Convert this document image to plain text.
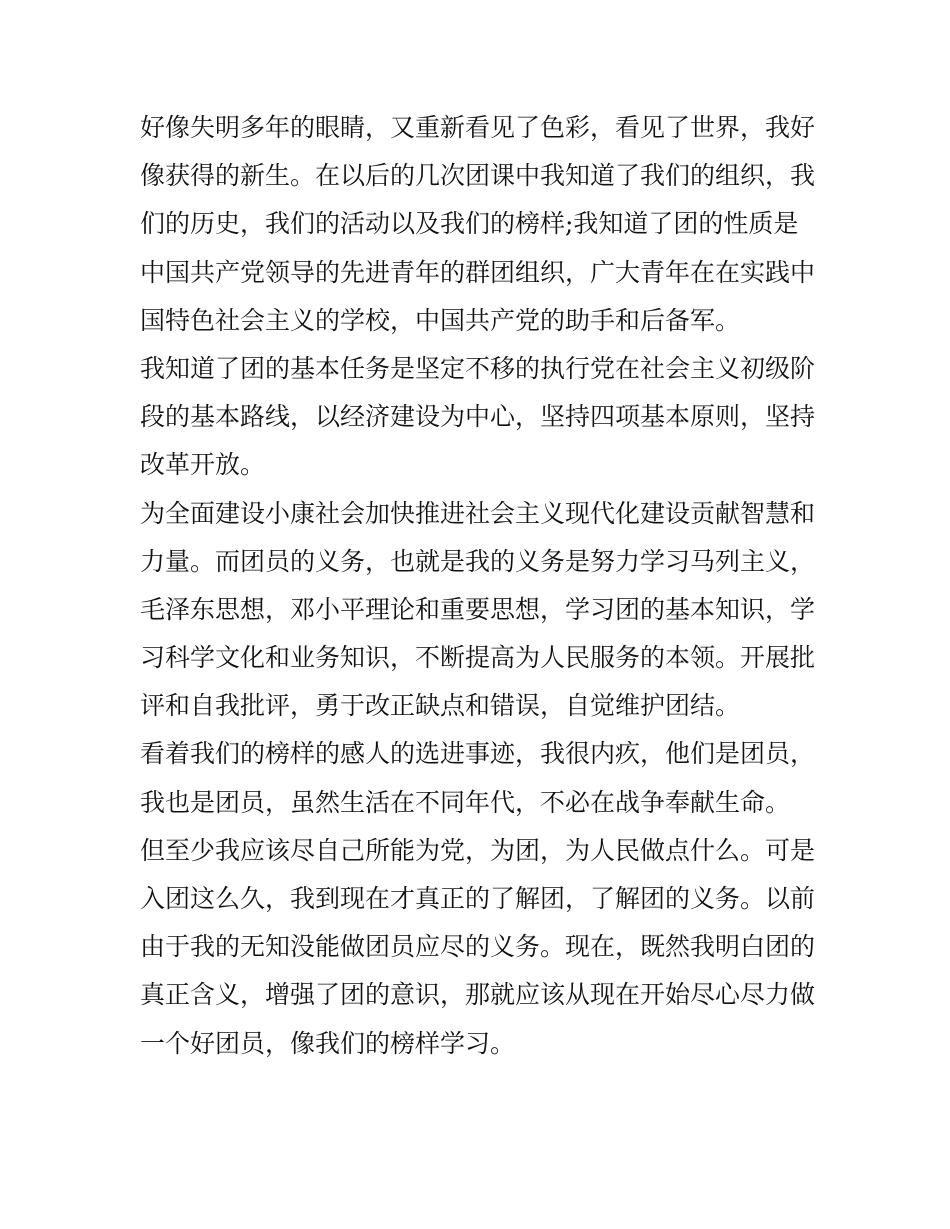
好像失明多年的眼睛，又重新看见了色彩，看见了世界，我好
像获得的新生。在以后的几次团课中我知道了我们的组织，我
们的历史，我们的活动以及我们的榜样;我知道了团的性质是
中国共产党领导的先进青年的群团组织，广大青年在在实践中
国特色社会主义的学校，中国共产党的助手和后备军。
我知道了团的基本任务是坚定不移的执行党在社会主义初级阶
段的基本路线，以经济建设为中心，坚持四项基本原则，坚持
改革开放。
为全面建设小康社会加快推进社会主义现代化建设贡献智慧和
力量。而团员的义务，也就是我的义务是努力学习马列主义，
毛泽东思想，邓小平理论和重要思想，学习团的基本知识，学
习科学文化和业务知识，不断提高为人民服务的本领。开展批
评和自我批评，勇于改正缺点和错误，自觉维护团结。
看着我们的榜样的感人的选进事迹，我很内疚，他们是团员，
我也是团员，虽然生活在不同年代，不必在战争奉献生命。
但至少我应该尽自己所能为党，为团，为人民做点什么。可是
入团这么久，我到现在才真正的了解团，了解团的义务。以前
由于我的无知没能做团员应尽的义务。现在，既然我明白团的
真正含义，增强了团的意识，那就应该从现在开始尽心尽力做
一个好团员，像我们的榜样学习。
